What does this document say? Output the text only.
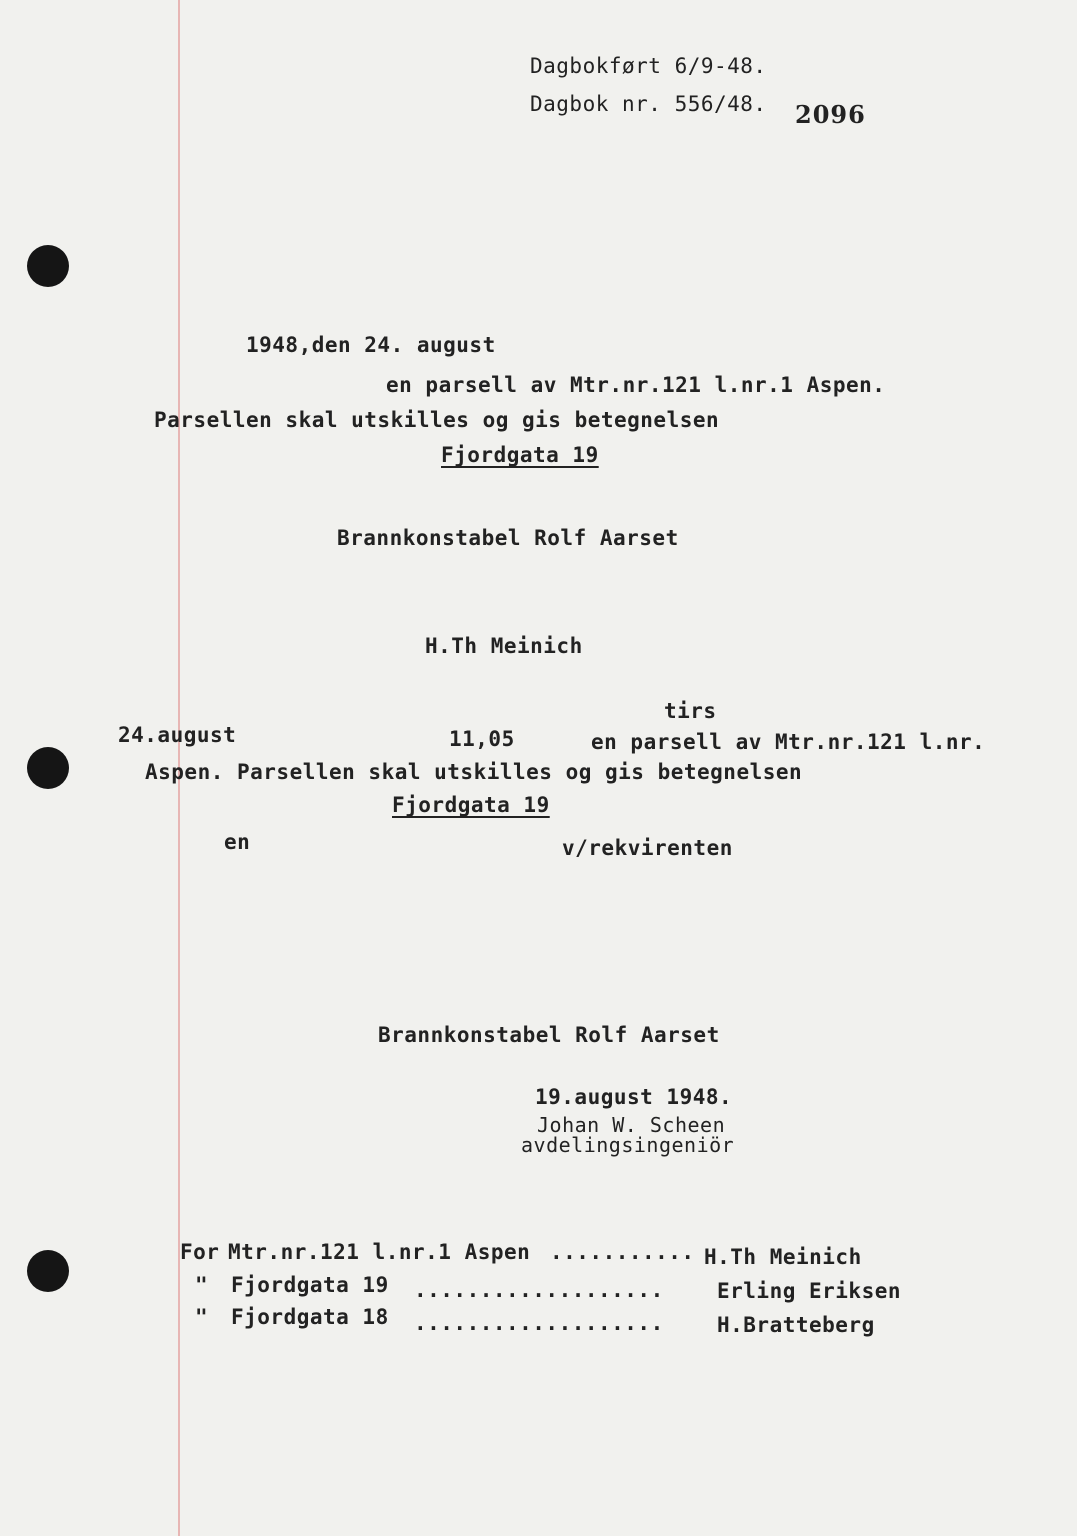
Dagbokført 6/9-48.
Dagbok nr. 556/48. 2096
1948,den 24. august
en parsell av Mtr.nr.121 l.nr.1 Aspen.
Parsellen skal utskilles og gis betegnelsen
Fjordgata 19
Brannkonstabel Rolf Aarset
H.Th Meinich
tirs
24.august	11,05	en parsell av Mtr.nr.121 l.nr.
Aspen. Parsellen skal utskilles og gis betegnelsen
Fjordgata 19
en	v/rekvirenten
Brannkonstabel Rolf Aarset
19.august 1948.
Johan W. Scheen
avdelingsingeniör
For Mtr.nr.121 l.nr.1 Aspen ........... H.Th Meinich
" Fjordgata 19 ...................	Erling Eriksen
" Fjordgata 18 ...................	H.Bratteberg
